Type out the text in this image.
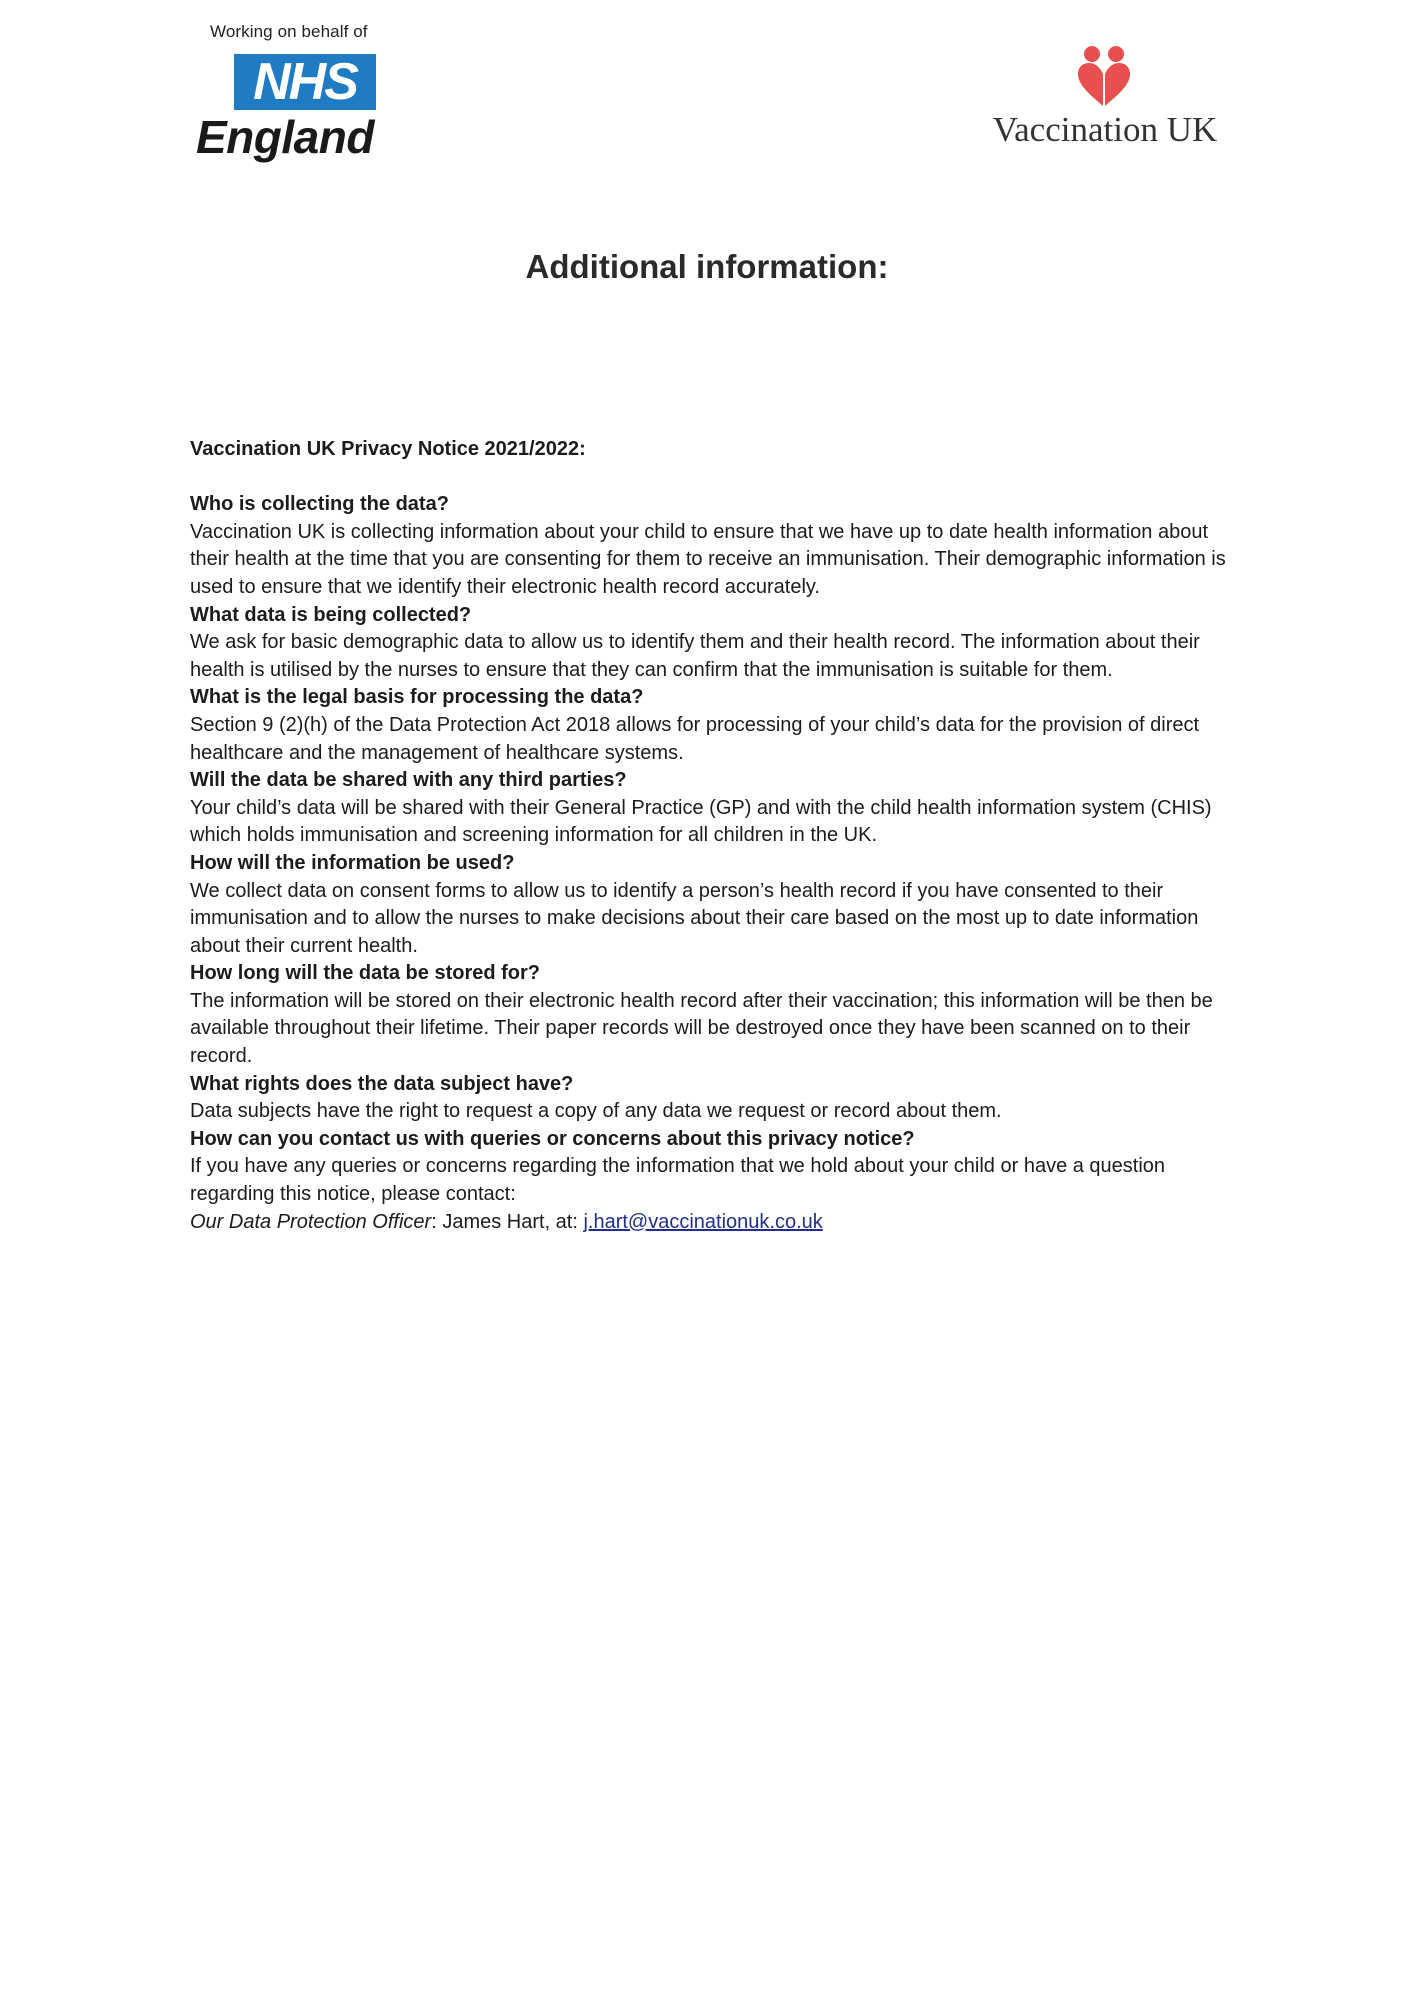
Working on behalf of
NHS
England	Vaccination UK
Additional information:

Vaccination UK Privacy Notice 2021/2022:

Who is collecting the data?

Vaccination UK is collecting information about your child to ensure that we have up to date health information about their health at the time that you are consenting for them to receive an immunisation. Their demographic information is used to ensure that we identify their electronic health record accurately.

What data is being collected?

We ask for basic demographic data to allow us to identify them and their health record. The information about their health is utilised by the nurses to ensure that they can confirm that the immunisation is suitable for them.

What is the legal basis for processing the data?

Section 9 (2)(h) of the Data Protection Act 2018 allows for processing of your child’s data for the provision of direct healthcare and the management of healthcare systems.

Will the data be shared with any third parties?

Your child’s data will be shared with their General Practice (GP) and with the child health information system (CHIS) which holds immunisation and screening information for all children in the UK.

How will the information be used?

We collect data on consent forms to allow us to identify a person’s health record if you have consented to their immunisation and to allow the nurses to make decisions about their care based on the most up to date information about their current health.

How long will the data be stored for?

The information will be stored on their electronic health record after their vaccination; this information will be then be available throughout their lifetime. Their paper records will be destroyed once they have been scanned on to their record.

What rights does the data subject have?

Data subjects have the right to request a copy of any data we request or record about them.

How can you contact us with queries or concerns about this privacy notice?

If you have any queries or concerns regarding the information that we hold about your child or have a question regarding this notice, please contact:

Our Data Protection Officer: James Hart, at: j.hart@vaccinationuk.co.uk
